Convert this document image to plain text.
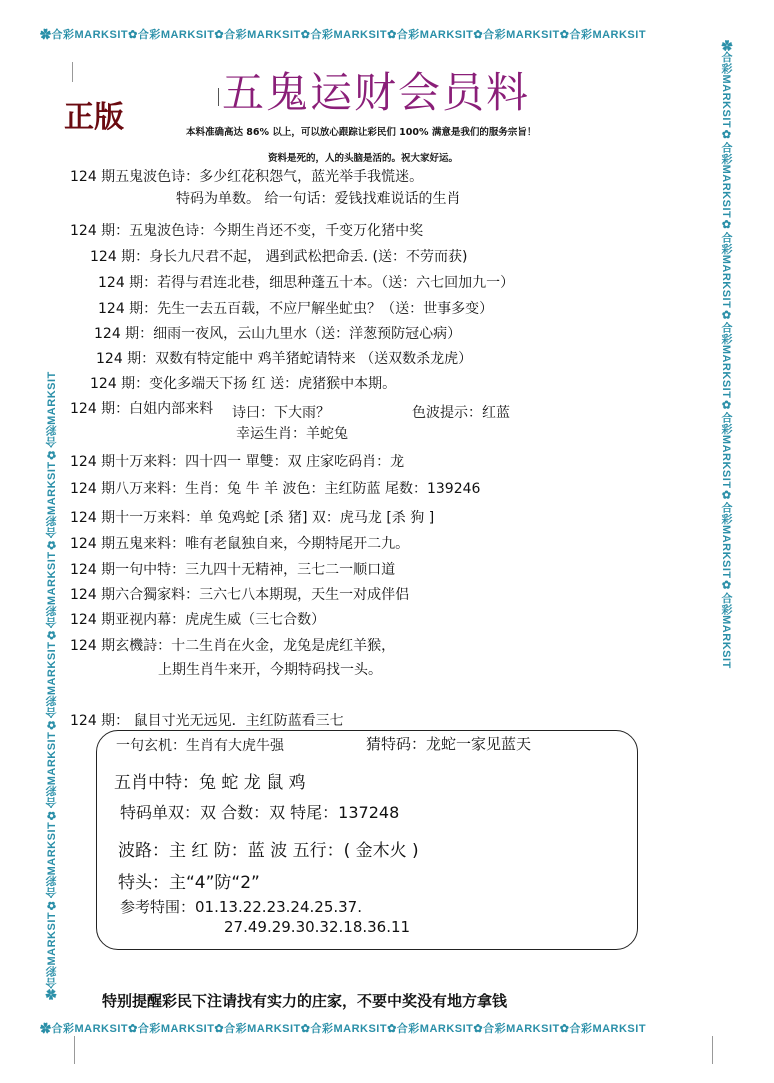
✿合彩MARKSIT✿合彩MARKSIT✿合彩MARKSIT✿合彩MARKSIT✿合彩MARKSIT✿合彩MARKSIT✿合彩MARKSIT
✿合彩MARKSIT✿合彩MARKSIT✿合彩MARKSIT✿合彩MARKSIT✿合彩MARKSIT✿合彩MARKSIT✿合彩MARKSIT
✿合彩MARKSIT✿合彩MARKSIT✿合彩MARKSIT✿合彩MARKSIT✿合彩MARKSIT✿合彩MARKSIT✿合彩MARKSIT
✿合彩MARKSIT✿合彩MARKSIT✿合彩MARKSIT✿合彩MARKSIT✿合彩MARKSIT✿合彩MARKSIT✿合彩MARKSIT
正版
五鬼运财会员料
本料准确高达 86% 以上，可以放心跟踪让彩民们 100% 满意是我们的服务宗旨！
资料是死的，人的头脑是活的。祝大家好运。
124 期五鬼波色诗：多少红花积怨气，蓝光举手我慌迷。
特码为单数。 给一句话：爱钱找难说话的生肖
124 期：五鬼波色诗：今期生肖还不变，千变万化猪中奖
124 期：身长九尺君不起， 遇到武松把命丢. (送：不劳而获)
124 期：若得与君连北巷，细思种蓬五十本。（送：六七回加九一）
124 期：先生一去五百载，不应尸解坐虻虫？（送：世事多变）
124 期：细雨一夜风，云山九里水（送：洋葱预防冠心病）
124 期：双数有特定能中 鸡羊猪蛇请特来 （送双数杀龙虎）
124 期：变化多端天下扬 红 送：虎猪猴中本期。
124 期：白姐内部来料 诗曰：下大雨？	色波提示：红蓝
幸运生肖：羊蛇兔
124 期十万来料：四十四一 單雙：双 庄家吃码肖：龙
124 期八万来料：生肖：兔 牛 羊 波色：主红防蓝 尾数：139246
124 期十一万来料：单 兔鸡蛇 [杀 猪] 双：虎马龙 [杀 狗 ]
124 期五鬼来料：唯有老鼠独自来，今期特尾开二九。
124 期一句中特：三九四十无精神，三七二一顺口道
124 期六合獨家料：三六七八本期現，天生一对成伴侣
124 期亚视内幕：虎虎生威（三七合数）
124 期玄機詩：十二生肖在火金，龙兔是虎红羊猴，
上期生肖牛来开，今期特码找一头。
124 期： 鼠目寸光无远见．主红防蓝看三七
一句玄机：生肖有大虎牛强	猜特码：龙蛇一家见蓝天
五肖中特：兔 蛇 龙 鼠 鸡
特码单双：双 合数：双 特尾：137248
波路：主 红 防：蓝 波 五行：( 金木火 )
特头：主“4”防“2”
参考特围：01.13.22.23.24.25.37.
27.49.29.30.32.18.36.11
特别提醒彩民下注请找有实力的庄家，不要中奖没有地方拿钱
